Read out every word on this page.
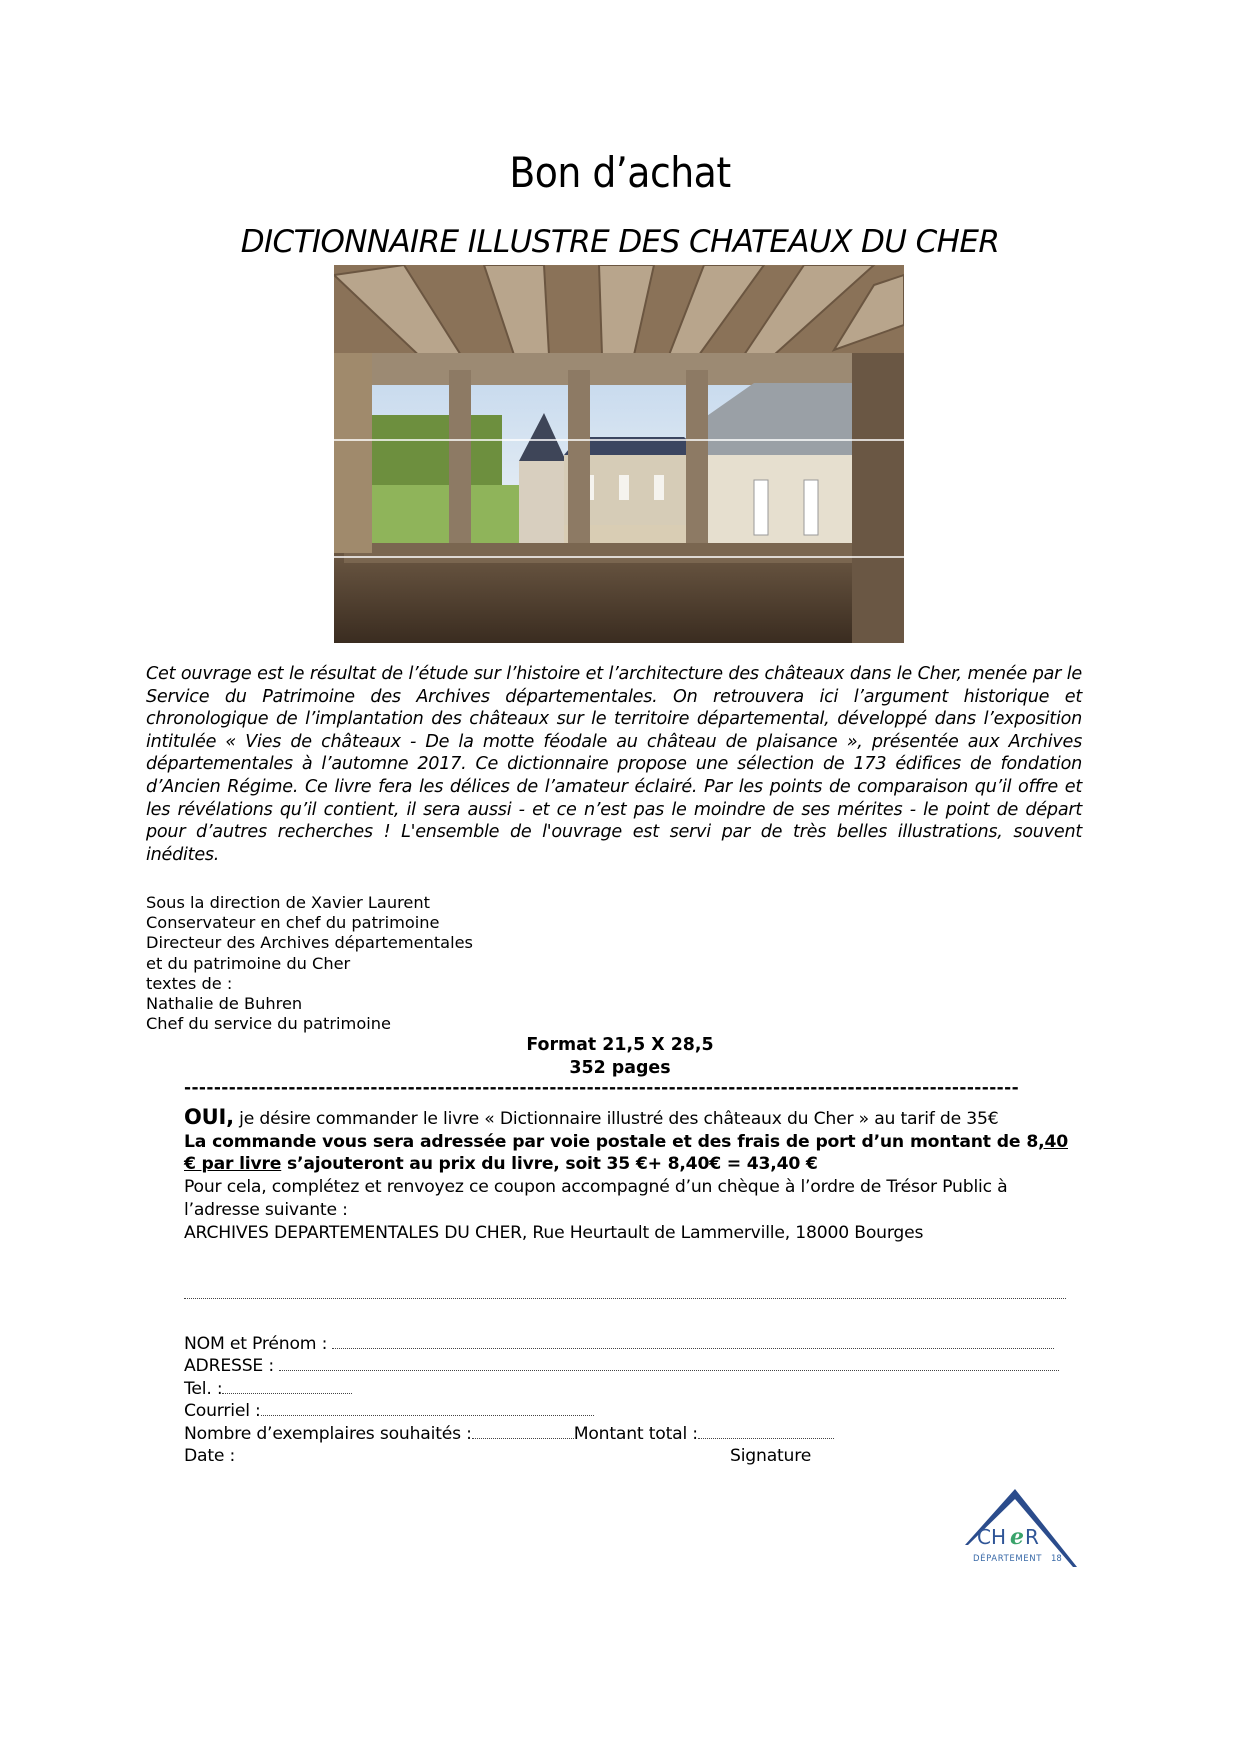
Bon d’achat
DICTIONNAIRE ILLUSTRE DES CHATEAUX DU CHER
Cet ouvrage est le résultat de l’étude sur l’histoire et l’architecture des châteaux dans le Cher, menée par le Service du Patrimoine des Archives départementales. On retrouvera ici l’argument historique et chronologique de l’implantation des châteaux sur le territoire départemental, développé dans l’exposition intitulée « Vies de châteaux - De la motte féodale au château de plaisance », présentée aux Archives départementales à l’automne 2017. Ce dictionnaire propose une sélection de 173 édifices de fondation d’Ancien Régime. Ce livre fera les délices de l’amateur éclairé. Par les points de comparaison qu’il offre et les révélations qu’il contient, il sera aussi - et ce n’est pas le moindre de ses mérites - le point de départ pour d’autres recherches ! L'ensemble de l'ouvrage est servi par de très belles illustrations, souvent inédites.
Sous la direction de Xavier Laurent
Conservateur en chef du patrimoine
Directeur des Archives départementales
et du patrimoine du Cher
textes de :
Nathalie de Buhren
Chef du service du patrimoine
Format 21,5 X 28,5
352 pages
----------------------------------------------------------------------------------------------------------------
OUI, je désire commander le livre « Dictionnaire illustré des châteaux du Cher » au tarif de 35€
La commande vous sera adressée par voie postale et des frais de port d’un montant de 8,40 € par livre s’ajouteront au prix du livre, soit 35 €+ 8,40€ = 43,40 €
Pour cela, complétez et renvoyez ce coupon accompagné d’un chèque à l’ordre de Trésor Public à l’adresse suivante :
ARCHIVES DEPARTEMENTALES DU CHER, Rue Heurtault de Lammerville, 18000 Bourges
NOM et Prénom :
ADRESSE :
Tel. :
Courriel :
Nombre d’exemplaires souhaités :	Montant total :
Date :	Signature
CH e R
DÉPARTEMENT 18
